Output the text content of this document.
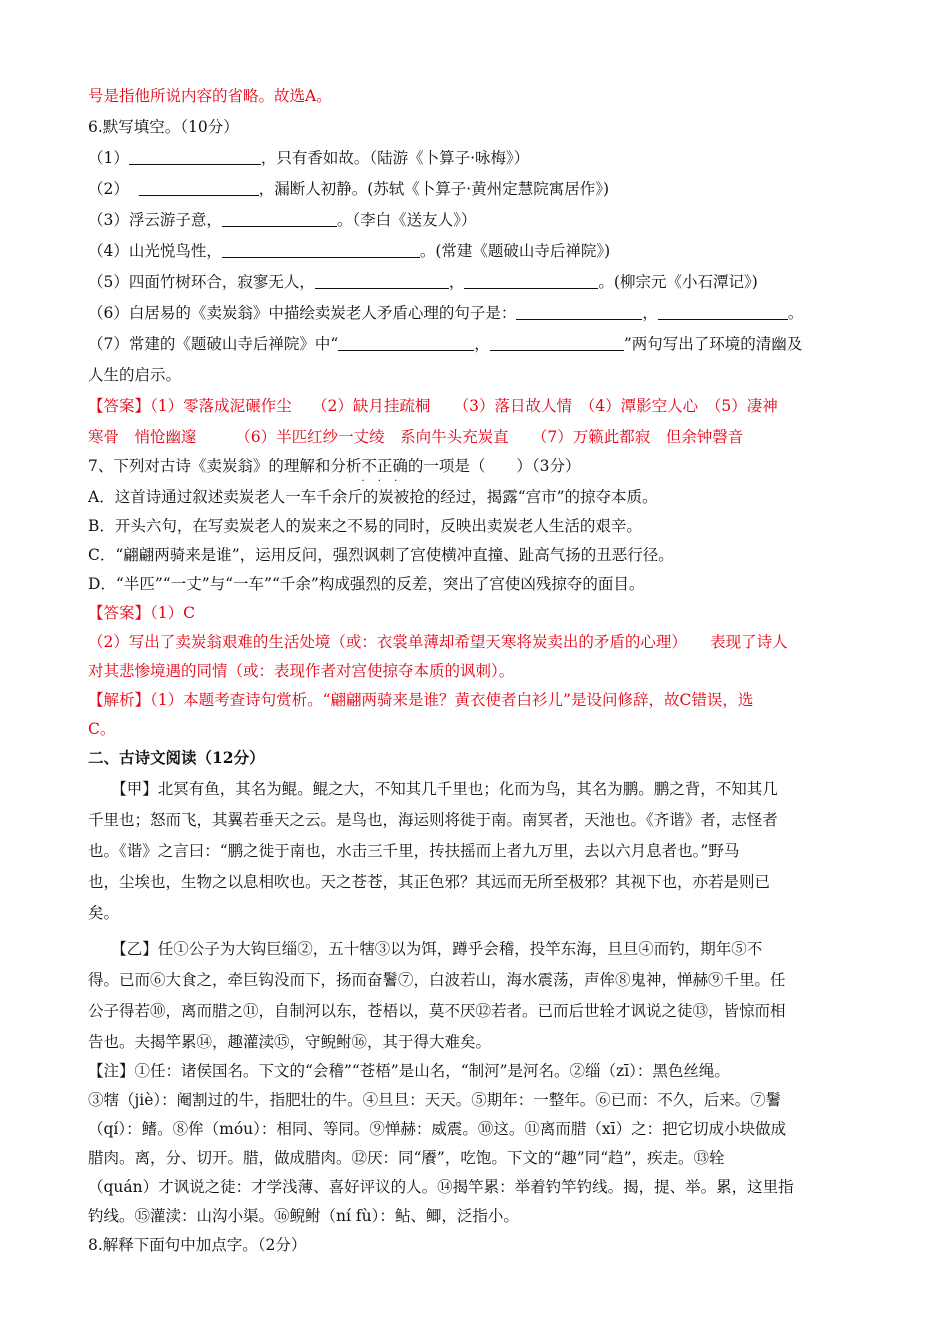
号是指他所说内容的省略。故选A。
6.默写填空。（10分）
（1）	，只有香如故。（陆游《卜算子·咏梅》）
（2）	，漏断人初静。(苏轼《卜算子·黄州定慧院寓居作》)
（3）浮云游子意，	。（李白《送友人》）
（4）山光悦鸟性，	。(常建《题破山寺后禅院》)
（5）四面竹树环合，寂寥无人，	，	。(柳宗元《小石潭记》)
（6）白居易的《卖炭翁》中描绘卖炭老人矛盾心理的句子是：	，	。
（7）常建的《题破山寺后禅院》中“	，	”两句写出了环境的清幽及
人生的启示。
【答案】（1）零落成泥碾作尘　 （2）缺月挂疏桐　　（3）落日故人情　（4）潭影空人心　（5）凄神
寒骨　悄怆幽邃　　　（6）半匹红纱一丈绫　系向牛头充炭直　　（7）万籁此都寂　但余钟磬音
7、下列对古诗《卖炭翁》的理解和分析不正确
· · ·
的一项是（　　）（3分）
A．这首诗通过叙述卖炭老人一车千余斤的炭被抢的经过，揭露“宫市”的掠夺本质。
B．开头六句，在写卖炭老人的炭来之不易的同时，反映出卖炭老人生活的艰辛。
C．“翩翩两骑来是谁”，运用反问，强烈讽刺了宫使横冲直撞、趾高气扬的丑恶行径。
D．“半匹”“一丈”与“一车”“千余”构成强烈的反差，突出了宫使凶残掠夺的面目。
【答案】（1）C
（2）写出了卖炭翁艰难的生活处境（或：衣裳单薄却希望天寒将炭卖出的矛盾的心理）　　表现了诗人
对其悲惨境遇的同情（或：表现作者对宫使掠夺本质的讽刺）。
【解析】（1）本题考查诗句赏析。“翩翩两骑来是谁？黄衣使者白衫儿”是设问修辞，故C错误，选
C。
二、古诗文阅读（12分）
　　【甲】北冥有鱼，其名为鲲。鲲之大，不知其几千里也；化而为鸟，其名为鹏。鹏之背，不知其几
千里也；怒而飞，其翼若垂天之云。是鸟也，海运则将徙于南。南冥者，天池也。《齐谐》者，志怪者
也。《谐》之言曰：“鹏之徙于南也，水击三千里，抟扶摇而上者九万里，去以六月息者也。”野马
也，尘埃也，生物之以息相吹也。天之苍苍，其正色邪？其远而无所至极邪？其视下也，亦若是则已
矣。
　　【乙】任①公子为大钩巨缁②，五十犗③以为饵，蹲乎会稽，投竿东海，旦旦④而钓，期年⑤不
得。已而⑥大食之，牵巨钩没而下，扬而奋鬐⑦，白波若山，海水震荡，声侔⑧鬼神，惮赫⑨千里。任
公子得若⑩，离而腊之⑪，自制河以东，苍梧以，莫不厌⑫若者。已而后世辁才讽说之徒⑬，皆惊而相
告也。夫揭竿累⑭，趣灌渎⑮，守鲵鲋⑯，其于得大难矣。
【注】①任：诸侯国名。下文的“会稽”“苍梧”是山名，“制河”是河名。②缁（zī）：黑色丝绳。
③犗（jiè）：阉割过的牛，指肥壮的牛。④旦旦：天天。⑤期年：一整年。⑥已而：不久，后来。⑦鬐
（qí）：鳍。⑧侔（móu）：相同、等同。⑨惮赫：威震。⑩这。⑪离而腊（xī）之：把它切成小块做成
腊肉。离，分、切开。腊，做成腊肉。⑫厌：同“餍”，吃饱。下文的“趣”同“趋”，疾走。⑬辁
（quán）才讽说之徒：才学浅薄、喜好评议的人。⑭揭竿累：举着钓竿钓线。揭，提、举。累，这里指
钓线。⑮灌渎：山沟小渠。⑯鲵鲋（ní fù）：鲇、鲫，泛指小。
8.解释下面句中加点字。（2分）
